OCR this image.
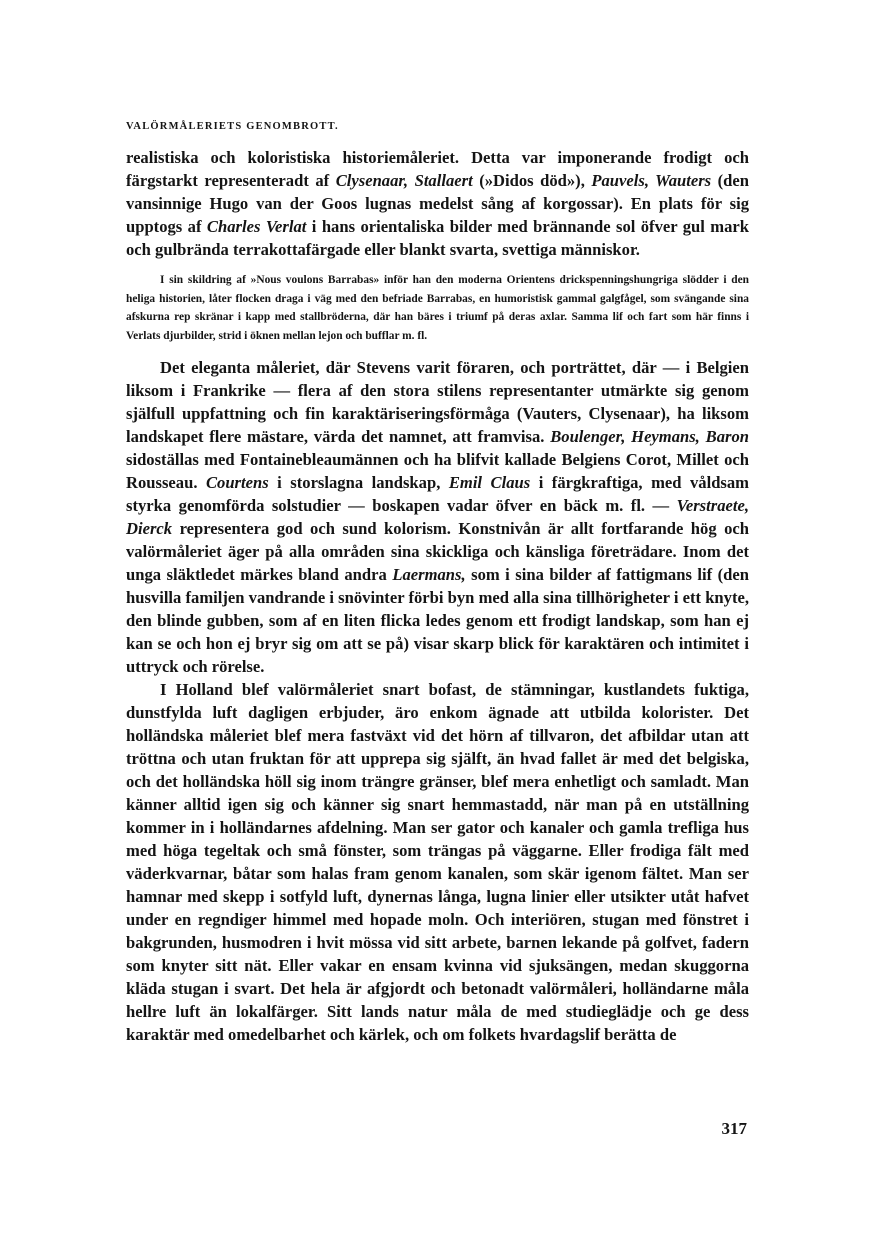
VALÖRMÅLERIETS GENOMBROTT.

realistiska och koloristiska historiemåleriet. Detta var imponerande frodigt och färgstarkt representeradt af Clysenaar, Stallaert (»Didos död»), Pauvels, Wauters (den vansinnige Hugo van der Goos lugnas medelst sång af korgossar). En plats för sig upptogs af Charles Verlat i hans orientaliska bilder med brännande sol öfver gul mark och gulbrända terrakottafärgade eller blankt svarta, svettiga människor.

I sin skildring af »Nous voulons Barrabas» inför han den moderna Orientens drickspenningshungriga slödder i den heliga historien, låter flocken draga i väg med den befriade Barrabas, en humoristisk gammal galgfågel, som svängande sina afskurna rep skränar i kapp med stallbröderna, där han bäres i triumf på deras axlar. Samma lif och fart som här finns i Verlats djurbilder, strid i öknen mellan lejon och bufflar m. fl.

Det eleganta måleriet, där Stevens varit föraren, och porträttet, där — i Belgien liksom i Frankrike — flera af den stora stilens representanter utmärkte sig genom själfull uppfattning och fin karaktäriseringsförmåga (Vauters, Clysenaar), ha liksom landskapet flere mästare, värda det namnet, att framvisa. Boulenger, Heymans, Baron sidoställas med Fontainebleaumännen och ha blifvit kallade Belgiens Corot, Millet och Rousseau. Courtens i storslagna landskap, Emil Claus i färgkraftiga, med våldsam styrka genomförda solstudier — boskapen vadar öfver en bäck m. fl. — Verstraete, Dierck representera god och sund kolorism. Konstnivån är allt fortfarande hög och valörmåleriet äger på alla områden sina skickliga och känsliga företrädare. Inom det unga släktledet märkes bland andra Laermans, som i sina bilder af fattigmans lif (den husvilla familjen vandrande i snövinter förbi byn med alla sina tillhörigheter i ett knyte, den blinde gubben, som af en liten flicka ledes genom ett frodigt landskap, som han ej kan se och hon ej bryr sig om att se på) visar skarp blick för karaktären och intimitet i uttryck och rörelse.

I Holland blef valörmåleriet snart bofast, de stämningar, kustlandets fuktiga, dunstfylda luft dagligen erbjuder, äro enkom ägnade att utbilda kolorister. Det holländska måleriet blef mera fastväxt vid det hörn af tillvaron, det afbildar utan att tröttna och utan fruktan för att upprepa sig själft, än hvad fallet är med det belgiska, och det holländska höll sig inom trängre gränser, blef mera enhetligt och samladt. Man känner alltid igen sig och känner sig snart hemmastadd, när man på en utställning kommer in i holländarnes afdelning. Man ser gator och kanaler och gamla trefliga hus med höga tegeltak och små fönster, som trängas på väggarne. Eller frodiga fält med väderkvarnar, båtar som halas fram genom kanalen, som skär igenom fältet. Man ser hamnar med skepp i sotfyld luft, dynernas långa, lugna linier eller utsikter utåt hafvet under en regndiger himmel med hopade moln. Och interiören, stugan med fönstret i bakgrunden, husmodren i hvit mössa vid sitt arbete, barnen lekande på golfvet, fadern som knyter sitt nät. Eller vakar en ensam kvinna vid sjuksängen, medan skuggorna kläda stugan i svart. Det hela är afgjordt och betonadt valörmåleri, holländarne måla hellre luft än lokalfärger. Sitt lands natur måla de med studieglädje och ge dess karaktär med omedelbarhet och kärlek, och om folkets hvardagslif berätta de

317
